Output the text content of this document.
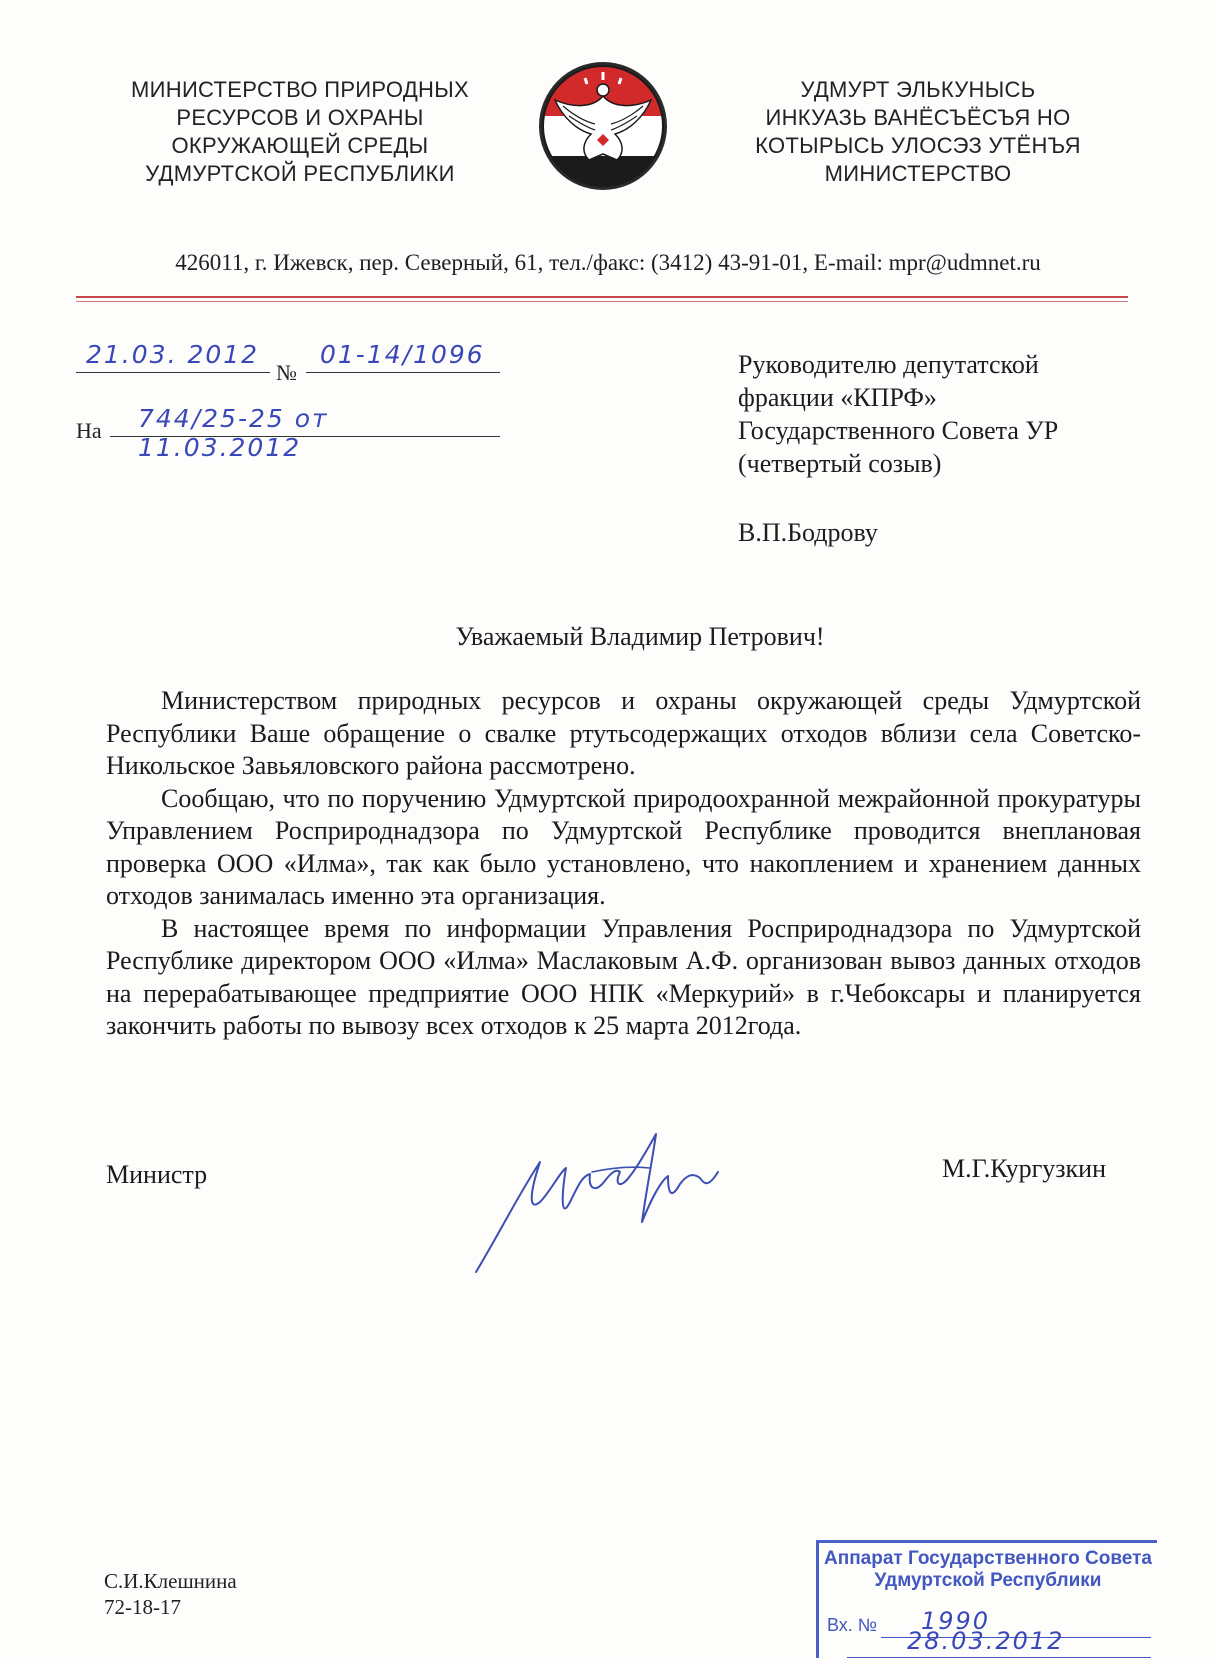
МИНИСТЕРСТВО ПРИРОДНЫХ
РЕСУРСОВ И ОХРАНЫ
ОКРУЖАЮЩЕЙ СРЕДЫ
УДМУРТСКОЙ РЕСПУБЛИКИ
УДМУРТ ЭЛЬКУНЫСЬ
ИНКУАЗЬ ВАНЁСЪЁСЪЯ НО
КОТЫРЫСЬ УЛОСЭЗ УТЁНЪЯ
МИНИСТЕРСТВО
426011, г. Ижевск, пер. Северный, 61, тел./факс: (3412) 43-91-01, E-mail: mpr@udmnet.ru
21.03. 2012
№
01-14/1096
На 744/25-25 от 11.03.2012
Руководителю депутатской
фракции «КПРФ»
Государственного Совета УР
(четвертый созыв)
В.П.Бодрову
Уважаемый Владимир Петрович!

Министерством природных ресурсов и охраны окружающей среды Удмуртской Республики Ваше обращение о свалке ртутьсодержащих отходов вблизи села Советско-Никольское Завьяловского района рассмотрено.

Сообщаю, что по поручению Удмуртской природоохранной межрайонной прокуратуры Управлением Росприроднадзора по Удмуртской Республике проводится внеплановая проверка ООО «Илма», так как было установлено, что накоплением и хранением данных отходов занималась именно эта организация.

В настоящее время по информации Управления Росприроднадзора по Удмуртской Республике директором ООО «Илма» Маслаковым А.Ф. организован вывоз данных отходов на перерабатывающее предприятие ООО НПК «Меркурий» в г.Чебоксары и планируется закончить работы по вывозу всех отходов к 25 марта 2012года.

Министр	М.Г.Кургузкин
С.И.Клешнина
72-18-17
Аппарат Государственного Совета
Удмуртской Республики
Вх. № 1990
28.03.2012
